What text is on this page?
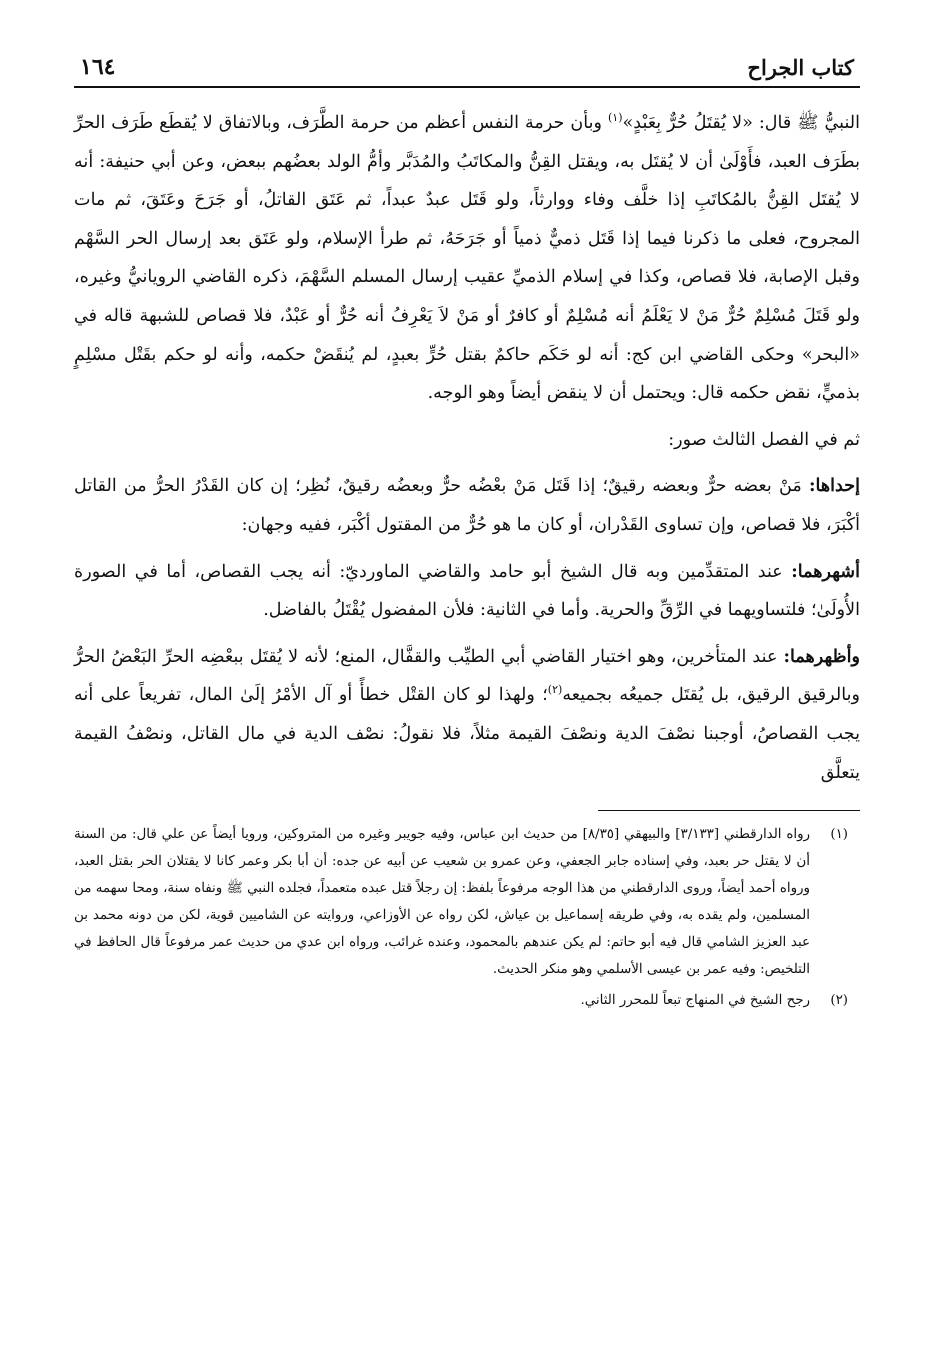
كتاب الجراح
١٦٤

النبيُّ ﷺ قال: «لا يُقتَلُ حُرٌّ بِعَبْدٍ»$^{(١)}$ وبأن حرمة النفس أعظم من حرمة الطَّرَف، وبالاتفاق لا يُقطَع طَرَف الحرِّ بطَرَف العبد، فأَوْلَىٰ أن لا يُقتَل به، ويقتل القِنُّ والمكاتَبُ والمُدَبَّر وأمُّ الولد بعضُهم ببعض، وعن أبي حنيفة: أنه لا يُقتَل القِنُّ بالمُكاتَبِ إذا خلَّف وفاء ووارثاً، ولو قَتَل عبدٌ عبداً، ثم عَتَق القاتلُ، أو جَرَحَ وعَتَقَ، ثم مات المجروح، فعلى ما ذكرنا فيما إذا قَتَل ذميٌّ ذمياً أو جَرَحَهُ، ثم طرأ الإسلام، ولو عَتَق بعد إرسال الحر السَّهْم وقبل الإصابة، فلا قصاص، وكذا في إسلام الذميِّ عقيب إرسال المسلم السَّهْمَ، ذكره القاضي الرويانيُّ وغيره، ولو قَتَلَ مُسْلِمٌ حُرٌّ مَنْ لا يَعْلَمُ أنه مُسْلِمٌ أو كافرٌ أو مَنْ لاَ يَعْرِفُ أنه حُرٌّ أو عَبْدٌ، فلا قصاص للشبهة قاله في «البحر» وحكى القاضي ابن كج: أنه لو حَكَم حاكمٌ بقتل حُرٍّ بعبدٍ، لم يُنقَضْ حكمه، وأنه لو حكم بقَتْل مسْلِمٍ بذميٍّ، نقض حكمه قال: ويحتمل أن لا ينقض أيضاً وهو الوجه.

ثم في الفصل الثالث صور:

إحداها: مَنْ بعضه حرٌّ وبعضه رقيقٌ؛ إذا قَتَل مَنْ بعْضُه حرٌّ وبعضُه رقيقٌ، نُظِر؛ إن كان القَدْرُ الحرُّ من القاتل أكْبَرَ، فلا قصاص، وإن تساوى القَدْران، أو كان ما هو حُرٌّ من المقتول أكْبَر، ففيه وجهان:

أشهرهما: عند المتقدِّمين وبه قال الشيخ أبو حامد والقاضي الماورديّ: أنه يجب القصاص، أما في الصورة الأُولَىٰ؛ فلتساويهما في الرِّقِّ والحرية. وأما في الثانية: فلأن المفضول يُقْتَلُ بالفاضل.

وأظهرهما: عند المتأخرين، وهو اختيار القاضي أبي الطيِّب والقفَّال، المنع؛ لأنه لا يُقتَل ببعْضِه الحرِّ البَعْضُ الحرُّ وبالرقيق الرقيق، بل يُقتَل جميعُه بجميعه$^{(٢)}$؛ ولهذا لو كان القتْل خطأً أو آل الأمْرُ إلَىٰ المال، تفريعاً على أنه يجب القصاصُ، أوجبنا نصْفَ الدية ونصْفَ القيمة مثلاً، فلا نقولُ: نصْف الدية في مال القاتل، ونصْفُ القيمة يتعلَّق

(١)
رواه الدارقطني [٣/١٣٣] والبيهقي [٨/٣٥] من حديث ابن عباس، وفيه جويبر وغيره من المتروكين، ورويا أيضاً عن علي قال: من السنة أن لا يقتل حر بعبد، وفي إسناده جابر الجعفي، وعن عمرو بن شعيب عن أبيه عن جده: أن أبا بكر وعمر كانا لا يقتلان الحر بقتل العبد، ورواه أحمد أيضاً، وروى الدارقطني من هذا الوجه مرفوعاً بلفظ: إن رجلاً قتل عبده متعمداً، فجلده النبي ﷺ ونفاه سنة، ومحا سهمه من المسلمين، ولم يقده به، وفي طريقه إسماعيل بن عياش، لكن رواه عن الأوزاعي، وروايته عن الشاميين قوية، لكن من دونه محمد بن عبد العزيز الشامي قال فيه أبو حاتم: لم يكن عندهم بالمحمود، وعنده غرائب، ورواه ابن عدي من حديث عمر مرفوعاً قال الحافظ في التلخيص: وفيه عمر بن عيسى الأسلمي وهو منكر الحديث.
(٢)
رجح الشيخ في المنهاج تبعاً للمحرر الثاني.
